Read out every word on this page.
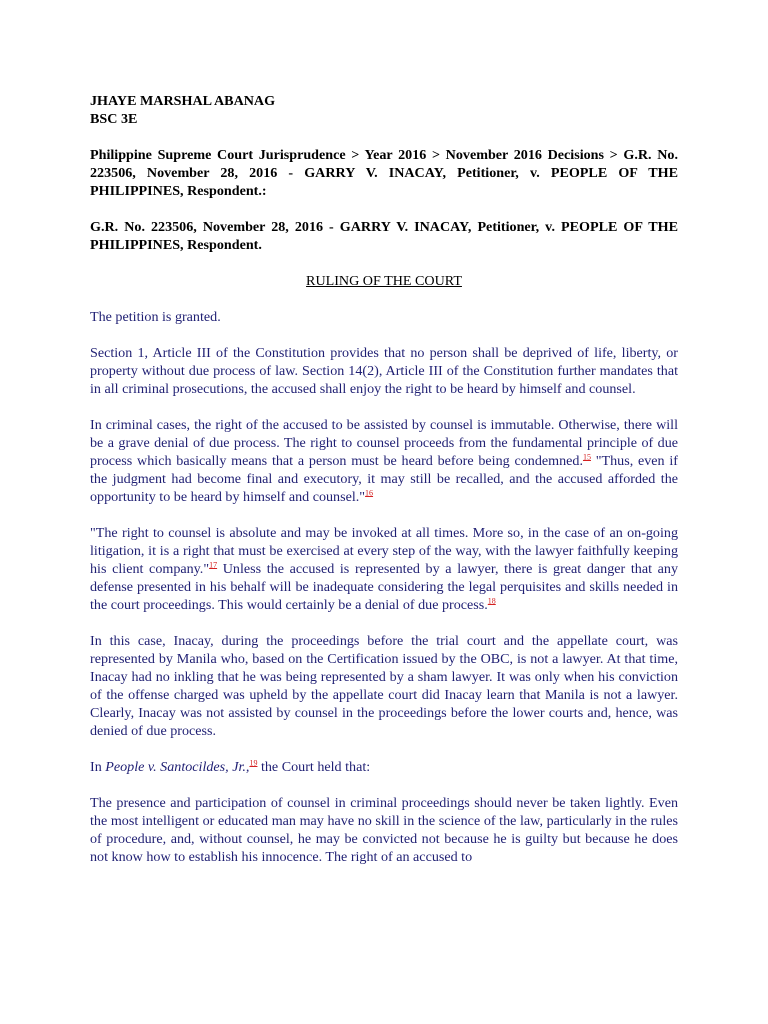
JHAYE MARSHAL ABANAG
BSC 3E

Philippine Supreme Court Jurisprudence > Year 2016 > November 2016 Decisions > G.R. No. 223506, November 28, 2016 - GARRY V. INACAY, Petitioner, v. PEOPLE OF THE PHILIPPINES, Respondent.:

G.R. No. 223506, November 28, 2016 - GARRY V. INACAY, Petitioner, v. PEOPLE OF THE PHILIPPINES, Respondent.

RULING OF THE COURT

The petition is granted.

Section 1, Article III of the Constitution provides that no person shall be deprived of life, liberty, or property without due process of law. Section 14(2), Article III of the Constitution further mandates that in all criminal prosecutions, the accused shall enjoy the right to be heard by himself and counsel.

In criminal cases, the right of the accused to be assisted by counsel is immutable. Otherwise, there will be a grave denial of due process. The right to counsel proceeds from the fundamental principle of due process which basically means that a person must be heard before being condemned.$^{15}$ "Thus, even if the judgment had become final and executory, it may still be recalled, and the accused afforded the opportunity to be heard by himself and counsel."$^{16}$

"The right to counsel is absolute and may be invoked at all times. More so, in the case of an on-going litigation, it is a right that must be exercised at every step of the way, with the lawyer faithfully keeping his client company."$^{17}$ Unless the accused is represented by a lawyer, there is great danger that any defense presented in his behalf will be inadequate considering the legal perquisites and skills needed in the court proceedings. This would certainly be a denial of due process.$^{18}$

In this case, Inacay, during the proceedings before the trial court and the appellate court, was represented by Manila who, based on the Certification issued by the OBC, is not a lawyer. At that time, Inacay had no inkling that he was being represented by a sham lawyer. It was only when his conviction of the offense charged was upheld by the appellate court did Inacay learn that Manila is not a lawyer. Clearly, Inacay was not assisted by counsel in the proceedings before the lower courts and, hence, was denied of due process.

In People v. Santocildes, Jr.,$^{19}$ the Court held that:

The presence and participation of counsel in criminal proceedings should never be taken lightly. Even the most intelligent or educated man may have no skill in the science of the law, particularly in the rules of procedure, and, without counsel, he may be convicted not because he is guilty but because he does not know how to establish his innocence. The right of an accused to
